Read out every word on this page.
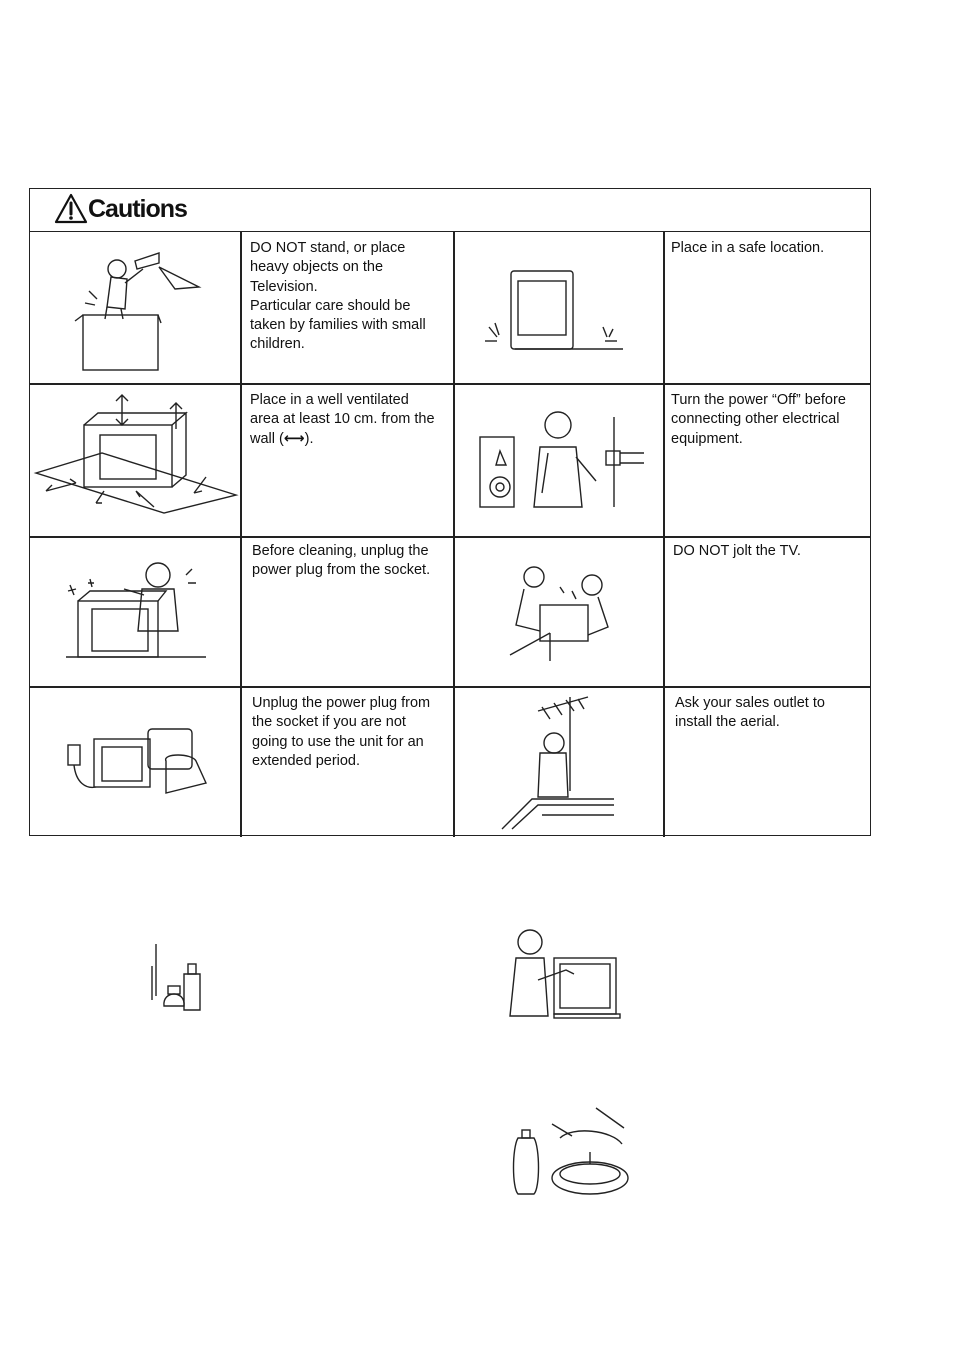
Cautions
DO NOT stand, or place heavy objects on the Television.
Particular care should be taken by families with small children.
Place in a safe location.
Place in a well ventilated area at least 10 cm. from the wall (⟷).
Turn the power “Off” before connecting other electrical equipment.
Before cleaning, unplug the power plug from the socket.
DO NOT jolt the TV.
Unplug the power plug from the socket if you are not going to use the unit for an extended period.
Ask your sales outlet to install the aerial.
